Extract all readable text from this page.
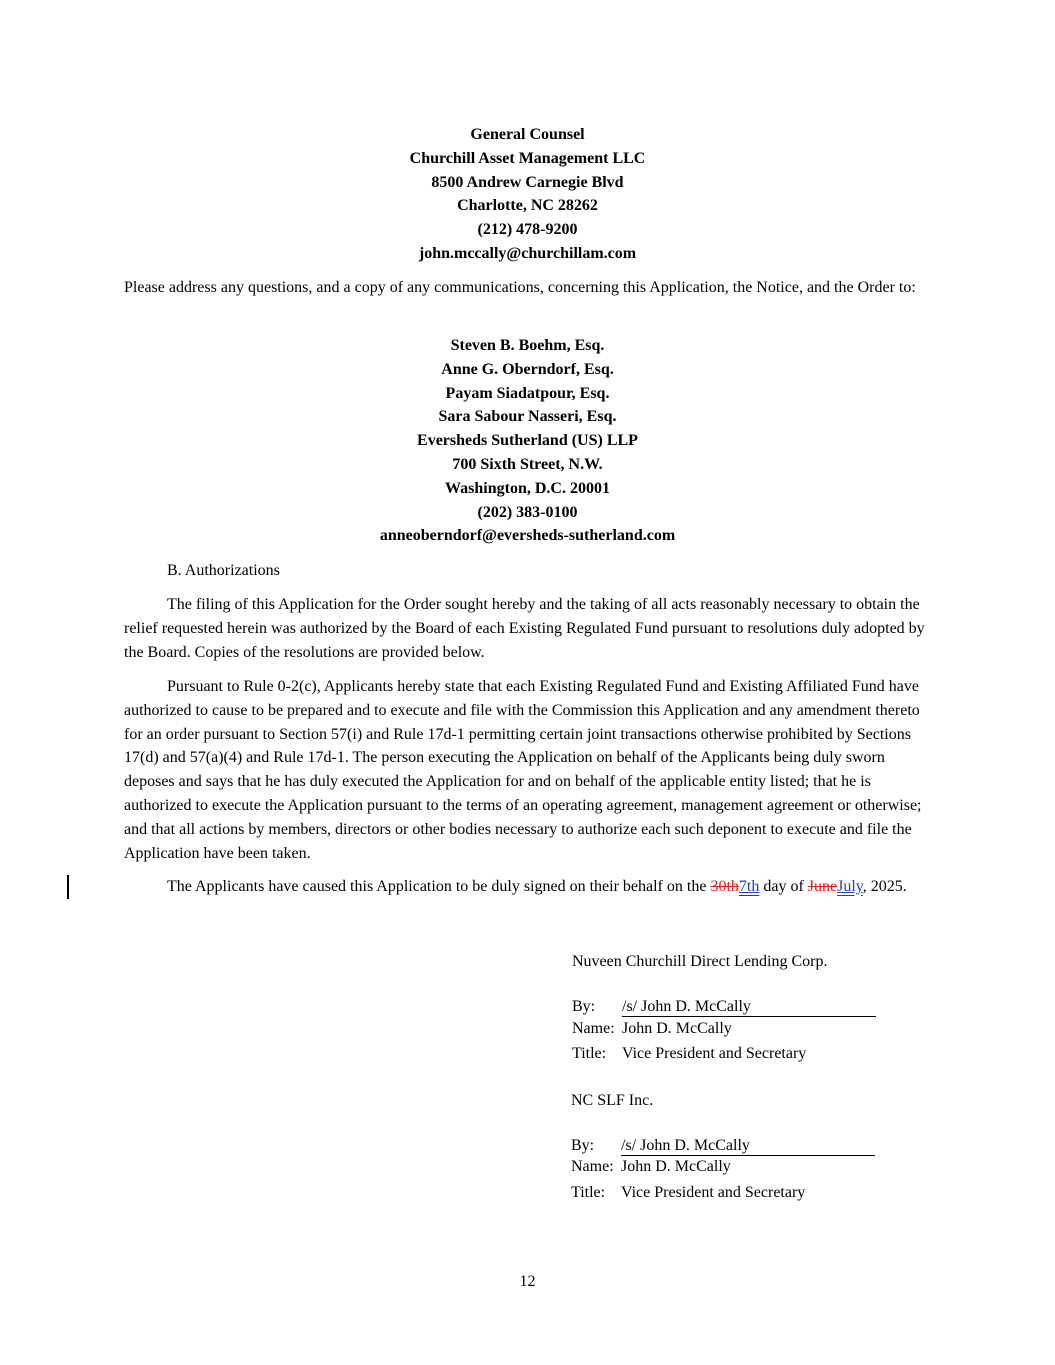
General Counsel
Churchill Asset Management LLC
8500 Andrew Carnegie Blvd
Charlotte, NC 28262
(212) 478-9200
john.mccally@churchillam.com
Please address any questions, and a copy of any communications, concerning this Application, the Notice, and the Order to:
Steven B. Boehm, Esq.
Anne G. Oberndorf, Esq.
Payam Siadatpour, Esq.
Sara Sabour Nasseri, Esq.
Eversheds Sutherland (US) LLP
700 Sixth Street, N.W.
Washington, D.C. 20001
(202) 383-0100
anneoberndorf@eversheds-sutherland.com
B. Authorizations
The filing of this Application for the Order sought hereby and the taking of all acts reasonably necessary to obtain the relief requested herein was authorized by the Board of each Existing Regulated Fund pursuant to resolutions duly adopted by the Board. Copies of the resolutions are provided below.
Pursuant to Rule 0-2(c), Applicants hereby state that each Existing Regulated Fund and Existing Affiliated Fund have authorized to cause to be prepared and to execute and file with the Commission this Application and any amendment thereto for an order pursuant to Section 57(i) and Rule 17d-1 permitting certain joint transactions otherwise prohibited by Sections 17(d) and 57(a)(4) and Rule 17d-1. The person executing the Application on behalf of the Applicants being duly sworn deposes and says that he has duly executed the Application for and on behalf of the applicable entity listed; that he is authorized to execute the Application pursuant to the terms of an operating agreement, management agreement or otherwise; and that all actions by members, directors or other bodies necessary to authorize each such deponent to execute and file the Application have been taken.
The Applicants have caused this Application to be duly signed on their behalf on the 30th7th day of JuneJuly, 2025.
Nuveen Churchill Direct Lending Corp.
By: /s/ John D. McCally
Name: John D. McCally
Title: Vice President and Secretary
NC SLF Inc.
By: /s/ John D. McCally
Name: John D. McCally
Title: Vice President and Secretary
12
